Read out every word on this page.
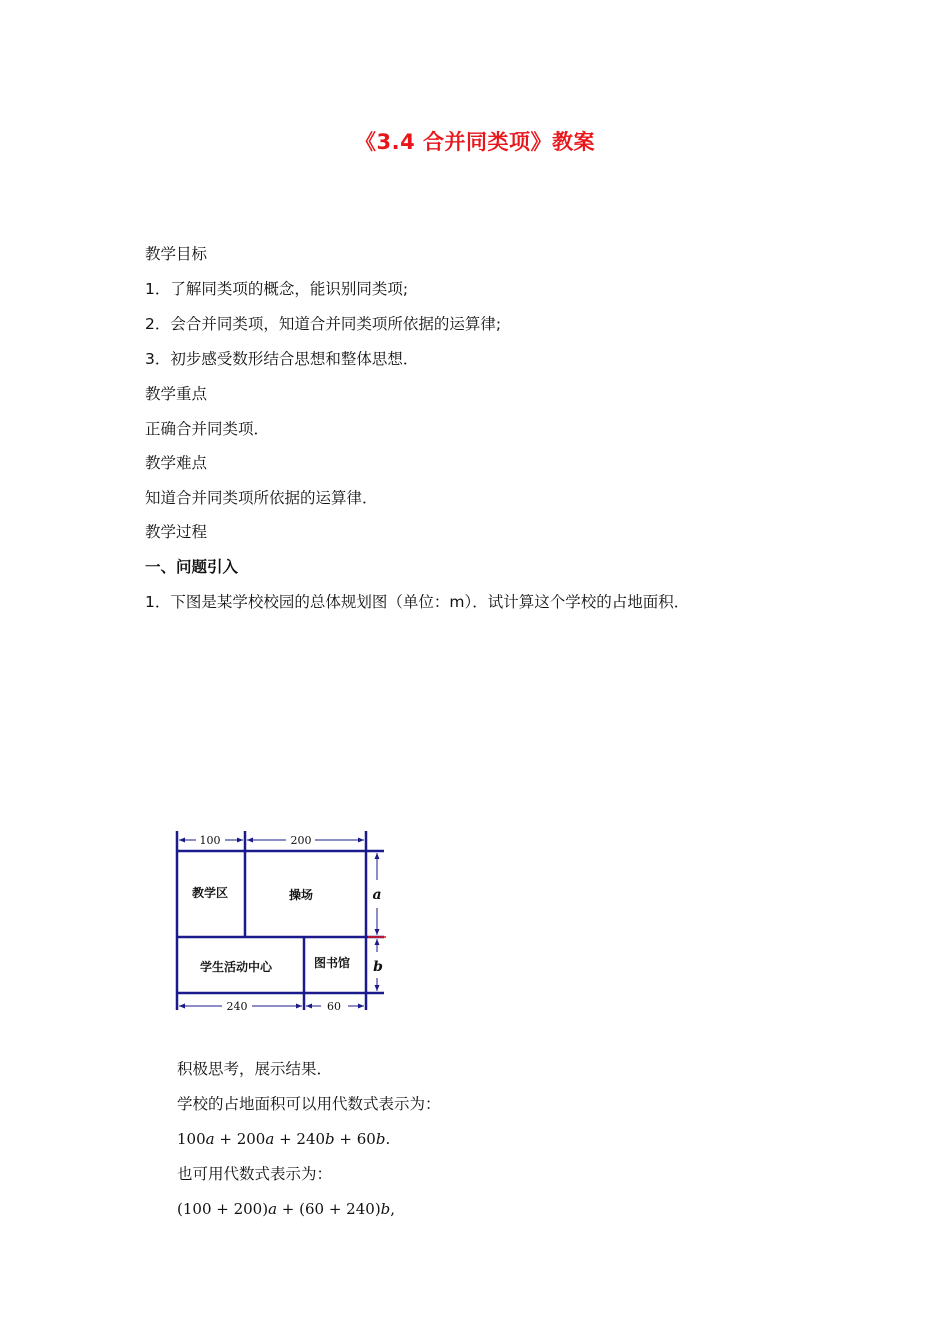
《3.4 合并同类项》教案
教学目标
1．了解同类项的概念，能识别同类项;
2．会合并同类项，知道合并同类项所依据的运算律;
3．初步感受数形结合思想和整体思想．
教学重点
正确合并同类项．
教学难点
知道合并同类项所依据的运算律．
教学过程
一、问题引入
1．下图是某学校校园的总体规划图（单位：m）．试计算这个学校的占地面积．
100	200
240	60
a
b
教学区	操场
学生活动中心	图书馆
积极思考，展示结果．
学校的占地面积可以用代数式表示为：
100a + 200a + 240b + 60b.
也可用代数式表示为：
(100 + 200)a + (60 + 240)b,
